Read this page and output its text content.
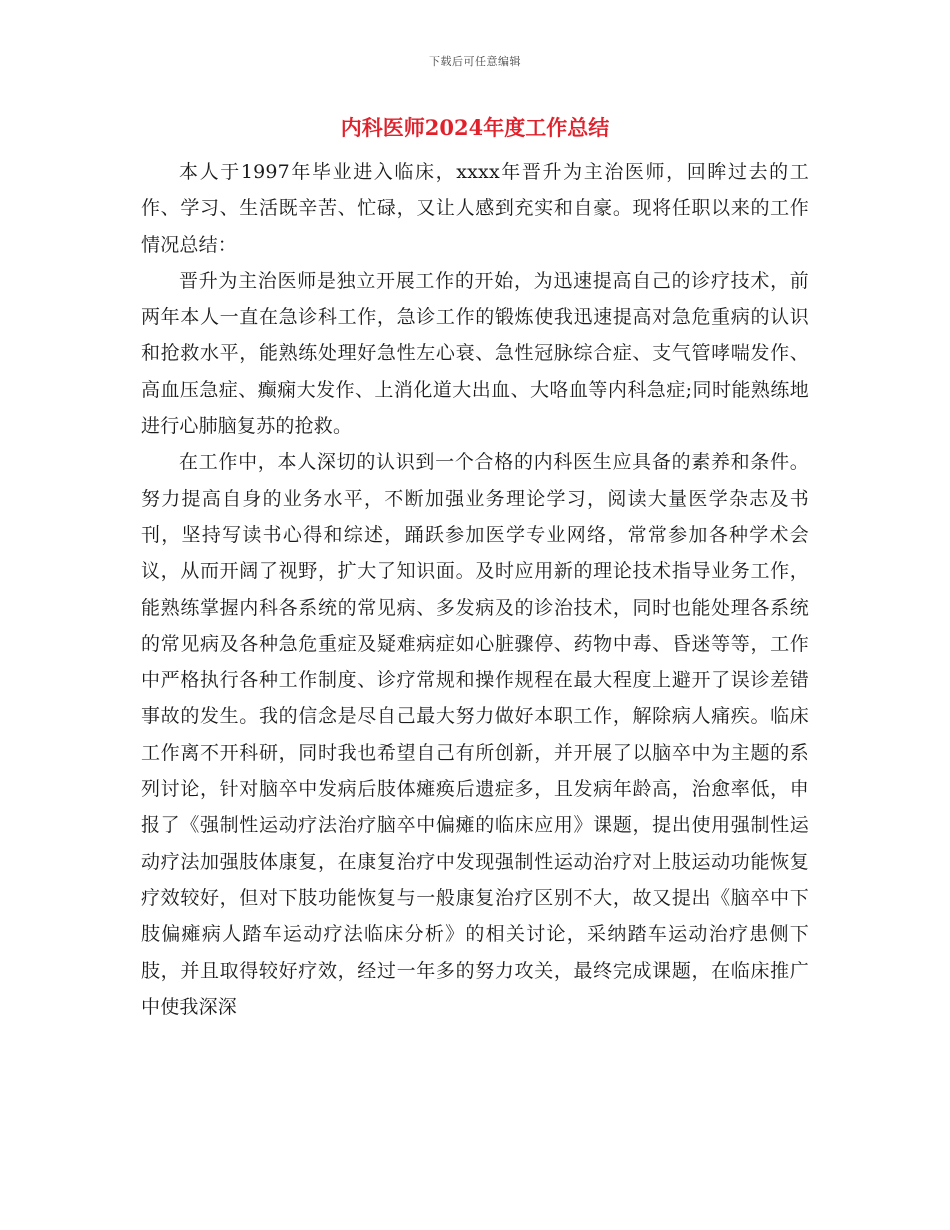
下载后可任意编辑
内科医师2024年度工作总结

本人于1997年毕业进入临床，xxxx年晋升为主治医师，回眸过去的工作、学习、生活既辛苦、忙碌，又让人感到充实和自豪。现将任职以来的工作情况总结：

晋升为主治医师是独立开展工作的开始，为迅速提高自己的诊疗技术，前两年本人一直在急诊科工作，急诊工作的锻炼使我迅速提高对急危重病的认识和抢救水平，能熟练处理好急性左心衰、急性冠脉综合症、支气管哮喘发作、高血压急症、癫痫大发作、上消化道大出血、大咯血等内科急症;同时能熟练地进行心肺脑复苏的抢救。

在工作中，本人深切的认识到一个合格的内科医生应具备的素养和条件。努力提高自身的业务水平，不断加强业务理论学习，阅读大量医学杂志及书刊，坚持写读书心得和综述，踊跃参加医学专业网络，常常参加各种学术会议，从而开阔了视野，扩大了知识面。及时应用新的理论技术指导业务工作，能熟练掌握内科各系统的常见病、多发病及的诊治技术，同时也能处理各系统的常见病及各种急危重症及疑难病症如心脏骤停、药物中毒、昏迷等等，工作中严格执行各种工作制度、诊疗常规和操作规程在最大程度上避开了误诊差错事故的发生。我的信念是尽自己最大努力做好本职工作，解除病人痛疾。临床工作离不开科研，同时我也希望自己有所创新，并开展了以脑卒中为主题的系列讨论，针对脑卒中发病后肢体瘫痪后遗症多，且发病年龄高，治愈率低，申报了《强制性运动疗法治疗脑卒中偏瘫的临床应用》课题，提出使用强制性运动疗法加强肢体康复，在康复治疗中发现强制性运动治疗对上肢运动功能恢复疗效较好，但对下肢功能恢复与一般康复治疗区别不大，故又提出《脑卒中下肢偏瘫病人踏车运动疗法临床分析》的相关讨论，采纳踏车运动治疗患侧下肢，并且取得较好疗效，经过一年多的努力攻关，最终完成课题，在临床推广中使我深深
